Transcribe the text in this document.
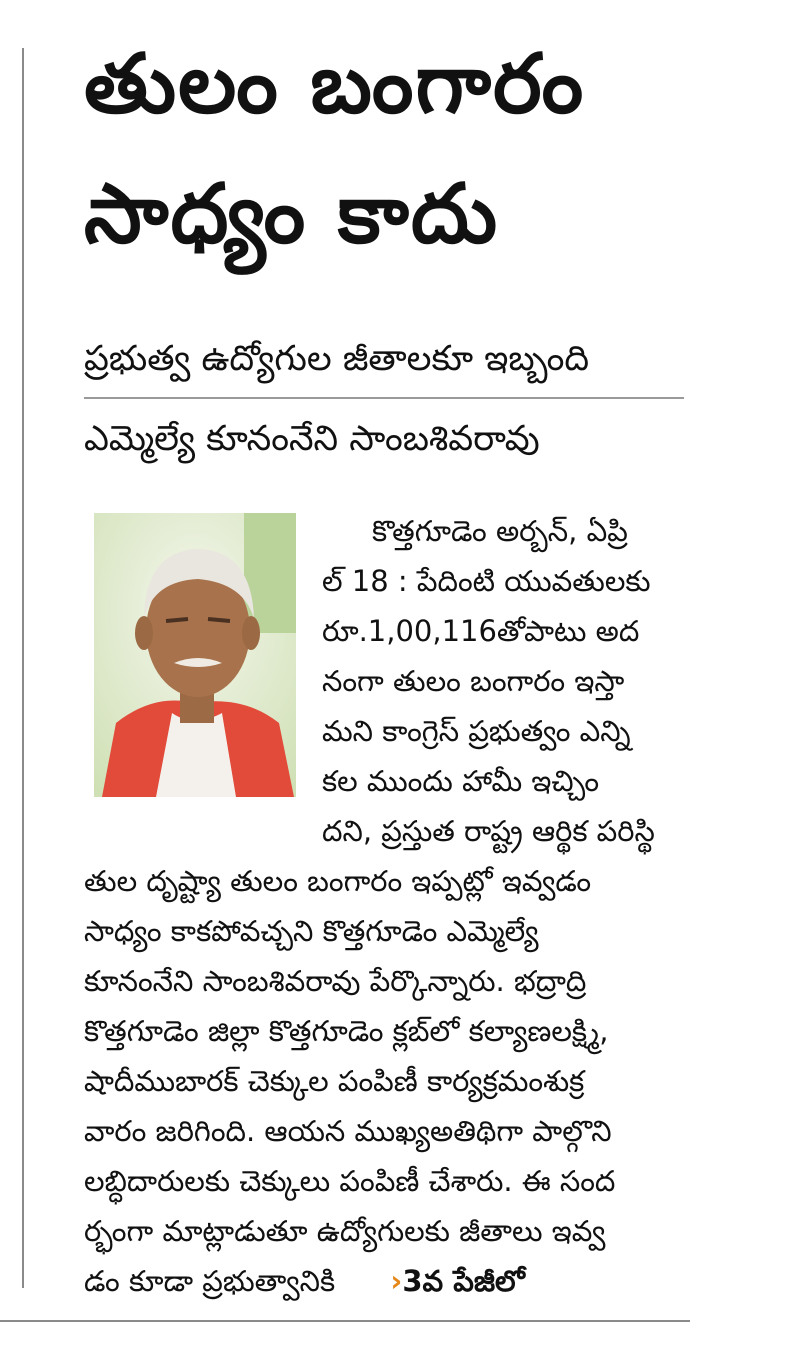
తులం బంగారం
సాధ్యం కాదు
ప్రభుత్వ ఉద్యోగుల జీతాలకూ ఇబ్బంది
ఎమ్మెల్యే కూనంనేని సాంబశివరావు
కొత్తగూడెం అర్బన్, ఏప్రి
ల్ 18 : పేదింటి యువతులకు
రూ.1,00,116తోపాటు అద
నంగా తులం బంగారం ఇస్తా
మని కాంగ్రెస్ ప్రభుత్వం ఎన్ని
కల ముందు హామీ ఇచ్చిం
దని, ప్రస్తుత రాష్ట్ర ఆర్థిక పరిస్థి
తుల దృష్ట్యా తులం బంగారం ఇప్పట్లో ఇవ్వడం
సాధ్యం కాకపోవచ్చని కొత్తగూడెం ఎమ్మెల్యే
కూనంనేని సాంబశివరావు పేర్కొన్నారు. భద్రాద్రి
కొత్తగూడెం జిల్లా కొత్తగూడెం క్లబ్‌లో కల్యాణలక్ష్మి,
షాదీముబారక్ చెక్కుల పంపిణీ కార్యక్రమంశుక్ర
వారం జరిగింది. ఆయన ముఖ్యఅతిథిగా పాల్గొని
లబ్ధిదారులకు చెక్కులు పంపిణీ చేశారు. ఈ సంద
ర్భంగా మాట్లాడుతూ ఉద్యోగులకు జీతాలు ఇవ్వ
డం కూడా ప్రభుత్వానికి ›3వ పేజీలో
